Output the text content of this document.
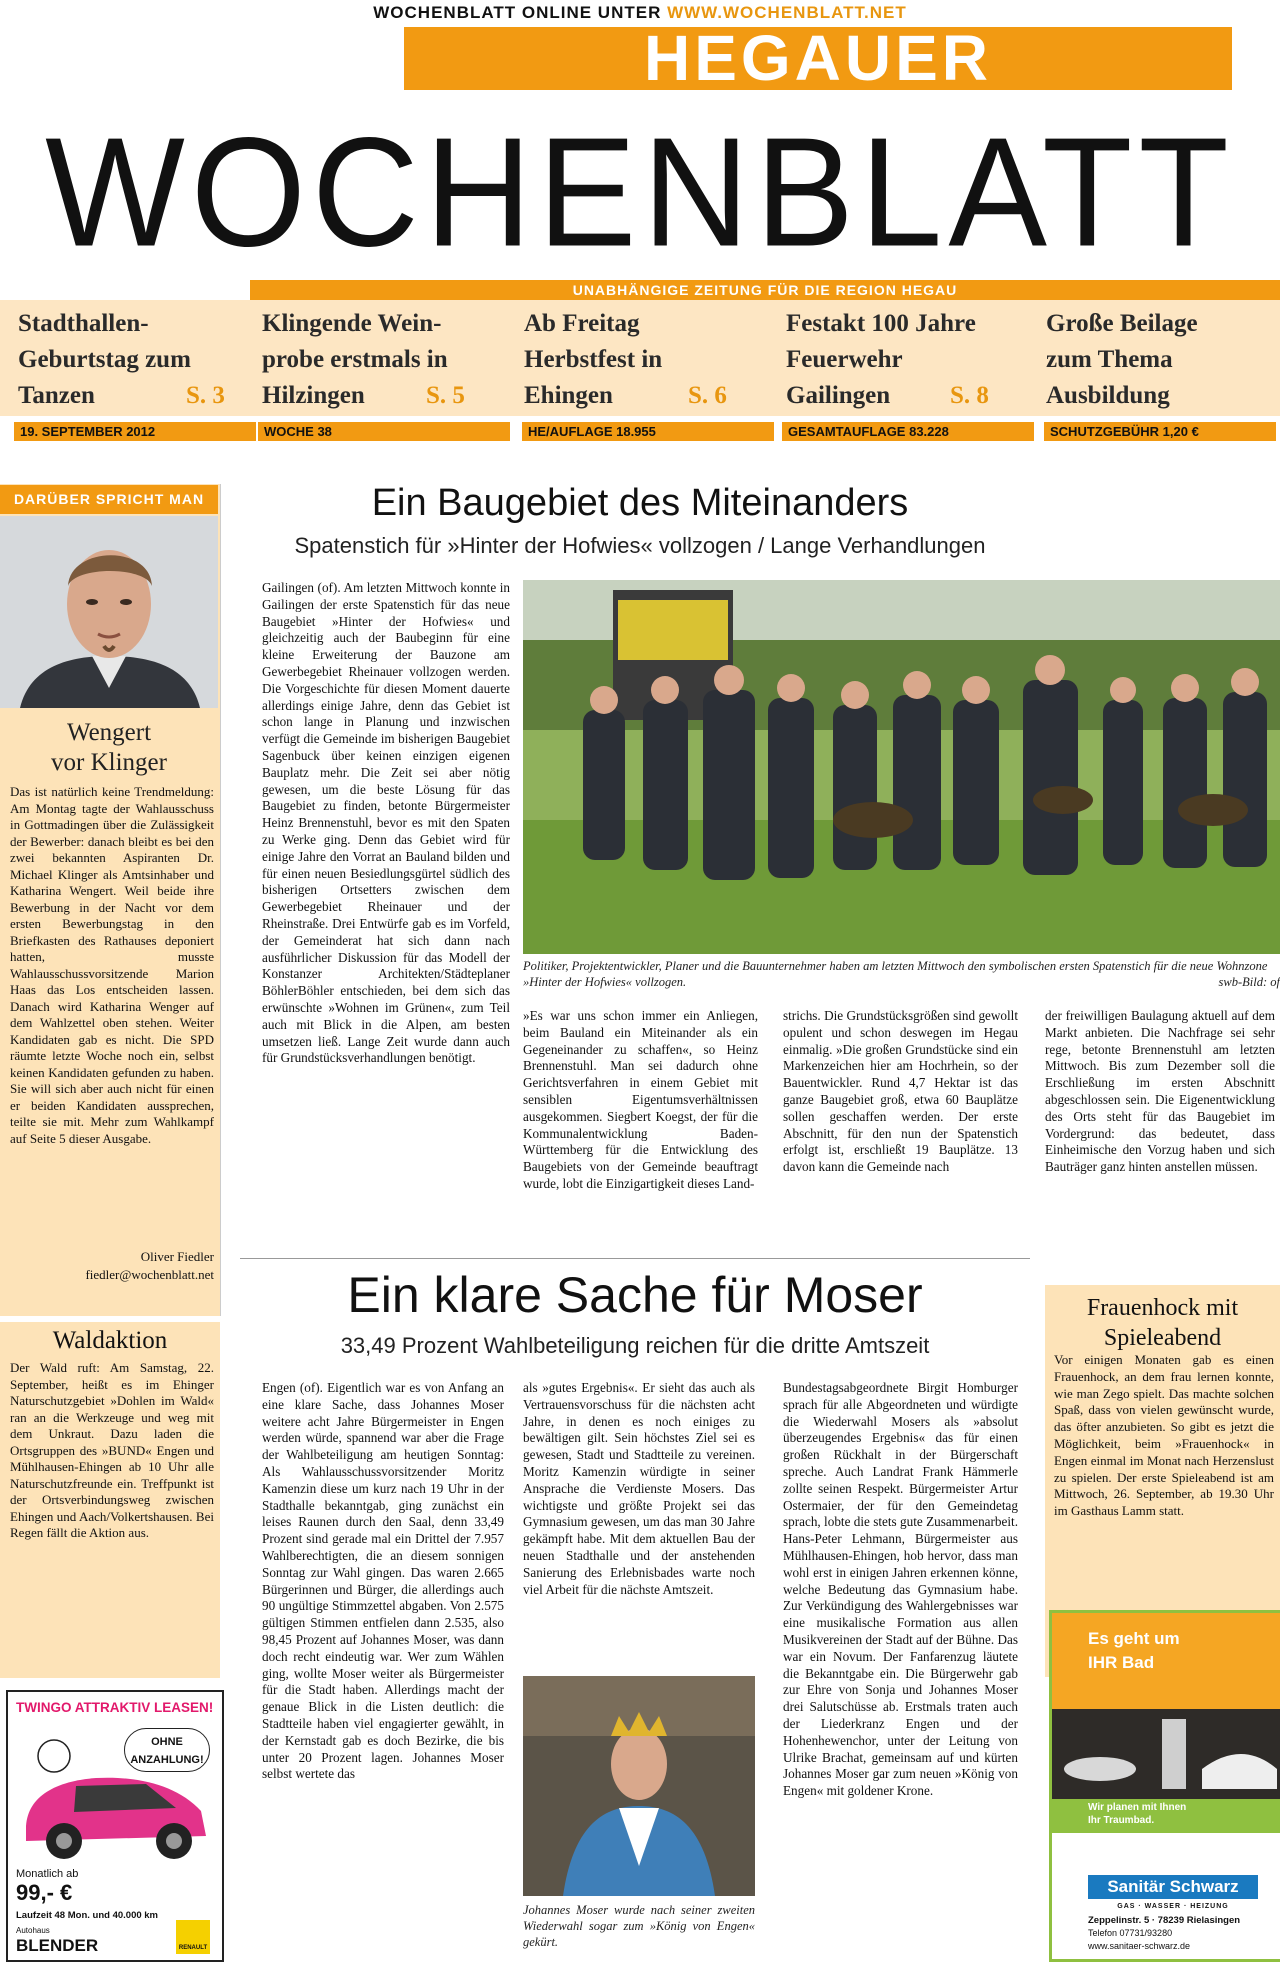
WOCHENBLATT ONLINE UNTER WWW.WOCHENBLATT.NET
HEGAUER
WOCHENBLATT
UNABHÄNGIGE ZEITUNG FÜR DIE REGION HEGAU
Stadthallen-
Geburtstag zum
Tanzen	S. 3
Klingende Wein-
probe erstmals in
Hilzingen	S. 5
Ab Freitag
Herbstfest in
Ehingen	S. 6
Festakt 100 Jahre
Feuerwehr
Gailingen	S. 8
Große Beilage
zum Thema
Ausbildung
19. SEPTEMBER 2012	WOCHE 38	HE/AUFLAGE 18.955	GESAMTAUFLAGE 83.228	SCHUTZGEBÜHR 1,20 €
DARÜBER SPRICHT MAN
Wengert
vor Klinger
Das ist natürlich keine Trendmeldung: Am Montag tagte der Wahlausschuss in Gottmadingen über die Zulässigkeit der Bewerber: danach bleibt es bei den zwei bekannten Aspiranten Dr. Michael Klinger als Amtsinhaber und Katharina Wengert. Weil beide ihre Bewerbung in der Nacht vor dem ersten Bewerbungstag in den Briefkasten des Rathauses deponiert hatten, musste Wahlausschussvorsitzende Marion Haas das Los entscheiden lassen. Danach wird Katharina Wenger auf dem Wahlzettel oben stehen. Weiter Kandidaten gab es nicht. Die SPD räumte letzte Woche noch ein, selbst keinen Kandidaten gefunden zu haben. Sie will sich aber auch nicht für einen er beiden Kandidaten aussprechen, teilte sie mit. Mehr zum Wahlkampf auf Seite 5 dieser Ausgabe.
Oliver Fiedler
fiedler@wochenblatt.net
Waldaktion
Der Wald ruft: Am Samstag, 22. September, heißt es im Ehinger Naturschutzgebiet »Dohlen im Wald« ran an die Werkzeuge und weg mit dem Unkraut. Dazu laden die Ortsgruppen des »BUND« Engen und Mühlhausen-Ehingen ab 10 Uhr alle Naturschutzfreunde ein. Treffpunkt ist der Ortsverbindungsweg zwischen Ehingen und Aach/Volkertshausen. Bei Regen fällt die Aktion aus.
TWINGO ATTRAKTIV LEASEN!
OHNE
ANZAHLUNG!
Monatlich ab
99,- €
Laufzeit 48 Mon. und 40.000 km
Autohaus
BLENDER	RENAULT
Ein Baugebiet des Miteinanders
Spatenstich für »Hinter der Hofwies« vollzogen / Lange Verhandlungen
Gailingen (of). Am letzten Mittwoch konnte in Gailingen der erste Spatenstich für das neue Baugebiet »Hinter der Hofwies« und gleichzeitig auch der Baubeginn für eine kleine Erweiterung der Bauzone am Gewerbegebiet Rheinauer vollzogen werden. Die Vorgeschichte für diesen Moment dauerte allerdings einige Jahre, denn das Gebiet ist schon lange in Planung und inzwischen verfügt die Gemeinde im bisherigen Baugebiet Sagenbuck über keinen einzigen eigenen Bauplatz mehr. Die Zeit sei aber nötig gewesen, um die beste Lösung für das Baugebiet zu finden, betonte Bürgermeister Heinz Brennenstuhl, bevor es mit den Spaten zu Werke ging. Denn das Gebiet wird für einige Jahre den Vorrat an Bauland bilden und für einen neuen Besiedlungsgürtel südlich des bisherigen Ortsetters zwischen dem Gewerbegebiet Rheinauer und der Rheinstraße. Drei Entwürfe gab es im Vorfeld, der Gemeinderat hat sich dann nach ausführlicher Diskussion für das Modell der Konstanzer Architekten/Städteplaner BöhlerBöhler entschieden, bei dem sich das erwünschte »Wohnen im Grünen«, zum Teil auch mit Blick in die Alpen, am besten umsetzen ließ. Lange Zeit wurde dann auch für Grundstücksverhandlungen benötigt.
Politiker, Projektentwickler, Planer und die Bauunternehmer haben am letzten Mittwoch den symbolischen ersten Spatenstich für die neue Wohnzone »Hinter der Hofwies« vollzogen.	swb-Bild: of
»Es war uns schon immer ein Anliegen, beim Bauland ein Miteinander als ein Gegeneinander zu schaffen«, so Heinz Brennenstuhl. Man sei dadurch ohne Gerichtsverfahren in einem Gebiet mit sensiblen Eigentumsverhältnissen ausgekommen. Siegbert Koegst, der für die Kommunalentwicklung Baden-Württemberg für die Entwicklung des Baugebiets von der Gemeinde beauftragt wurde, lobt die Einzigartigkeit dieses Land-
strichs. Die Grundstücksgrößen sind gewollt opulent und schon deswegen im Hegau einmalig. »Die großen Grundstücke sind ein Markenzeichen hier am Hochrhein, so der Bauentwickler. Rund 4,7 Hektar ist das ganze Baugebiet groß, etwa 60 Bauplätze sollen geschaffen werden. Der erste Abschnitt, für den nun der Spatenstich erfolgt ist, erschließt 19 Bauplätze. 13 davon kann die Gemeinde nach
der freiwilligen Baulagung aktuell auf dem Markt anbieten. Die Nachfrage sei sehr rege, betonte Brennenstuhl am letzten Mittwoch. Bis zum Dezember soll die Erschließung im ersten Abschnitt abgeschlossen sein. Die Eigenentwicklung des Orts steht für das Baugebiet im Vordergrund: das bedeutet, dass Einheimische den Vorzug haben und sich Bauträger ganz hinten anstellen müssen.
Ein klare Sache für Moser
33,49 Prozent Wahlbeteiligung reichen für die dritte Amtszeit
Engen (of). Eigentlich war es von Anfang an eine klare Sache, dass Johannes Moser weitere acht Jahre Bürgermeister in Engen werden würde, spannend war aber die Frage der Wahlbeteiligung am heutigen Sonntag: Als Wahlausschussvorsitzender Moritz Kamenzin diese um kurz nach 19 Uhr in der Stadthalle bekanntgab, ging zunächst ein leises Raunen durch den Saal, denn 33,49 Prozent sind gerade mal ein Drittel der 7.957 Wahlberechtigten, die an diesem sonnigen Sonntag zur Wahl gingen. Das waren 2.665 Bürgerinnen und Bürger, die allerdings auch 90 ungültige Stimmzettel abgaben. Von 2.575 gültigen Stimmen entfielen dann 2.535, also 98,45 Prozent auf Johannes Moser, was dann doch recht eindeutig war. Wer zum Wählen ging, wollte Moser weiter als Bürgermeister für die Stadt haben. Allerdings macht der genaue Blick in die Listen deutlich: die Stadtteile haben viel engagierter gewählt, in der Kernstadt gab es doch Bezirke, die bis unter 20 Prozent lagen. Johannes Moser selbst wertete das
als »gutes Ergebnis«. Er sieht das auch als Vertrauensvorschuss für die nächsten acht Jahre, in denen es noch einiges zu bewältigen gilt. Sein höchstes Ziel sei es gewesen, Stadt und Stadtteile zu vereinen. Moritz Kamenzin würdigte in seiner Ansprache die Verdienste Mosers. Das wichtigste und größte Projekt sei das Gymnasium gewesen, um das man 30 Jahre gekämpft habe. Mit dem aktuellen Bau der neuen Stadthalle und der anstehenden Sanierung des Erlebnisbades warte noch viel Arbeit für die nächste Amtszeit.
Johannes Moser wurde nach seiner zweiten Wiederwahl sogar zum »König von Engen« gekürt.
Bundestagsabgeordnete Birgit Homburger sprach für alle Abgeordneten und würdigte die Wiederwahl Mosers als »absolut überzeugendes Ergebnis« das für einen großen Rückhalt in der Bürgerschaft spreche. Auch Landrat Frank Hämmerle zollte seinen Respekt. Bürgermeister Artur Ostermaier, der für den Gemeindetag sprach, lobte die stets gute Zusammenarbeit. Hans-Peter Lehmann, Bürgermeister aus Mühlhausen-Ehingen, hob hervor, dass man wohl erst in einigen Jahren erkennen könne, welche Bedeutung das Gymnasium habe. Zur Verkündigung des Wahlergebnisses war eine musikalische Formation aus allen Musikvereinen der Stadt auf der Bühne. Das war ein Novum. Der Fanfarenzug läutete die Bekanntgabe ein. Die Bürgerwehr gab zur Ehre von Sonja und Johannes Moser drei Salutschüsse ab. Erstmals traten auch der Liederkranz Engen und der Hohenhewenchor, unter der Leitung von Ulrike Brachat, gemeinsam auf und kürten Johannes Moser gar zum neuen »König von Engen« mit goldener Krone.
Frauenhock mit
Spieleabend
Vor einigen Monaten gab es einen Frauenhock, an dem frau lernen konnte, wie man Zego spielt. Das machte solchen Spaß, dass von vielen gewünscht wurde, das öfter anzubieten. So gibt es jetzt die Möglichkeit, beim »Frauenhock« in Engen einmal im Monat nach Herzenslust zu spielen. Der erste Spieleabend ist am Mittwoch, 26. September, ab 19.30 Uhr im Gasthaus Lamm statt.
Es geht um
IHR Bad
Wir planen mit Ihnen
Ihr Traumbad.
Sanitär Schwarz
GAS · WASSER · HEIZUNG
Zeppelinstr. 5 · 78239 Rielasingen
Telefon 07731/93280
www.sanitaer-schwarz.de
